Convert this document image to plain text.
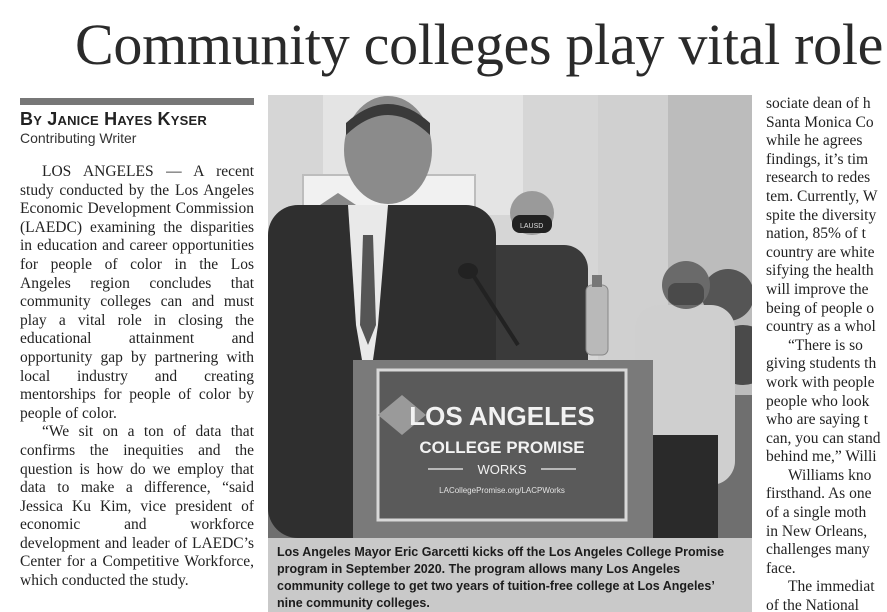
Community colleges play vital role
By Janice Hayes Kyser
Contributing Writer

LOS ANGELES — A recent study conducted by the Los Angeles Economic Development Commission (LAEDC) examining the disparities in education and career opportunities for people of color in the Los Angeles region concludes that community colleges can and must play a vital role in closing the educational attainment and opportunity gap by partnering with local industry and creating mentorships for people of color by people of color.

“We sit on a ton of data that confirms the inequities and the question is how do we employ that data to make a difference, “said Jessica Ku Kim, vice president of economic and workforce development and leader of LAEDC’s Center for a Competitive Workforce, which conducted the study.

LAUSD
LOS ANGELES
COLLEGE PROMISE
WORKS
LACollegePromise.org/LACPWorks
Los Angeles Mayor Eric Garcetti kicks off the Los Angeles College Promise program in September 2020. The program allows many Los Angeles community college to get two years of tuition-free college at Los Angeles’ nine community colleges.
sociate dean of h
Santa Monica Co
while he agrees
findings, it’s tim
research to redes
tem. Currently, W
spite the diversity
nation, 85% of t
country are white
sifying the health
will improve the
being of people o
country as a whol
“There is so
giving students th
work with people
people who look
who are saying t
can, you can stand
behind me,” Willi
Williams kno
firsthand. As one
of a single moth
in New Orleans,
challenges many
face.
The immediat
of the National
